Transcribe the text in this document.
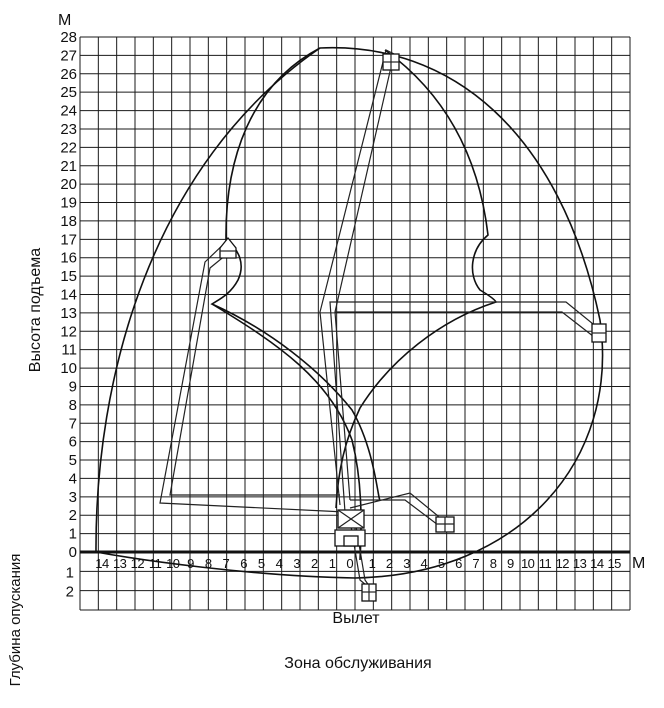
28
27
26
25
24
23
22
21
20
19
18
17
16
15
14
13
12
11
10
9
8
7
6
5
4
3
2
1
0
1
2
14 13 12 11 10 9 8 7 6 5 4 3 2 1 0 1 2 3 4 5 6 7 8 9 10 11 12 13 14 15
М
М
Высота подъема
Глубина опускания	Вылет
Зона обслуживания
